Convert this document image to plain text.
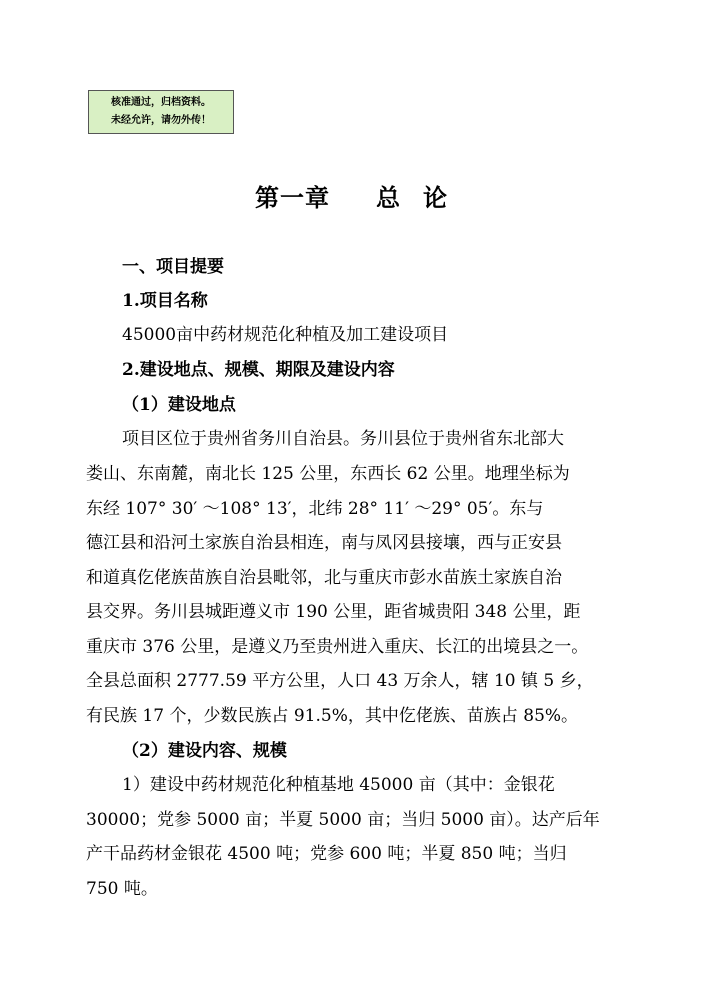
核准通过，归档资料。
未经允许，请勿外传！
第一章 总 论
一、项目提要
1.项目名称
45000亩中药材规范化种植及加工建设项目
2.建设地点、规模、期限及建设内容
（1）建设地点
项目区位于贵州省务川自治县。务川县位于贵州省东北部大
娄山、东南麓，南北长 125 公里，东西长 62 公里。地理坐标为
东经 107° 30′ ～108° 13′，北纬 28° 11′ ～29° 05′。东与
德江县和沿河土家族自治县相连，南与凤冈县接壤，西与正安县
和道真仡佬族苗族自治县毗邻，北与重庆市彭水苗族土家族自治
县交界。务川县城距遵义市 190 公里，距省城贵阳 348 公里，距
重庆市 376 公里，是遵义乃至贵州进入重庆、长江的出境县之一。
全县总面积 2777.59 平方公里，人口 43 万余人，辖 10 镇 5 乡，
有民族 17 个，少数民族占 91.5%，其中仡佬族、苗族占 85%。
（2）建设内容、规模
1）建设中药材规范化种植基地 45000 亩（其中：金银花
30000；党参 5000 亩；半夏 5000 亩；当归 5000 亩）。达产后年
产干品药材金银花 4500 吨；党参 600 吨；半夏 850 吨；当归
750 吨。
